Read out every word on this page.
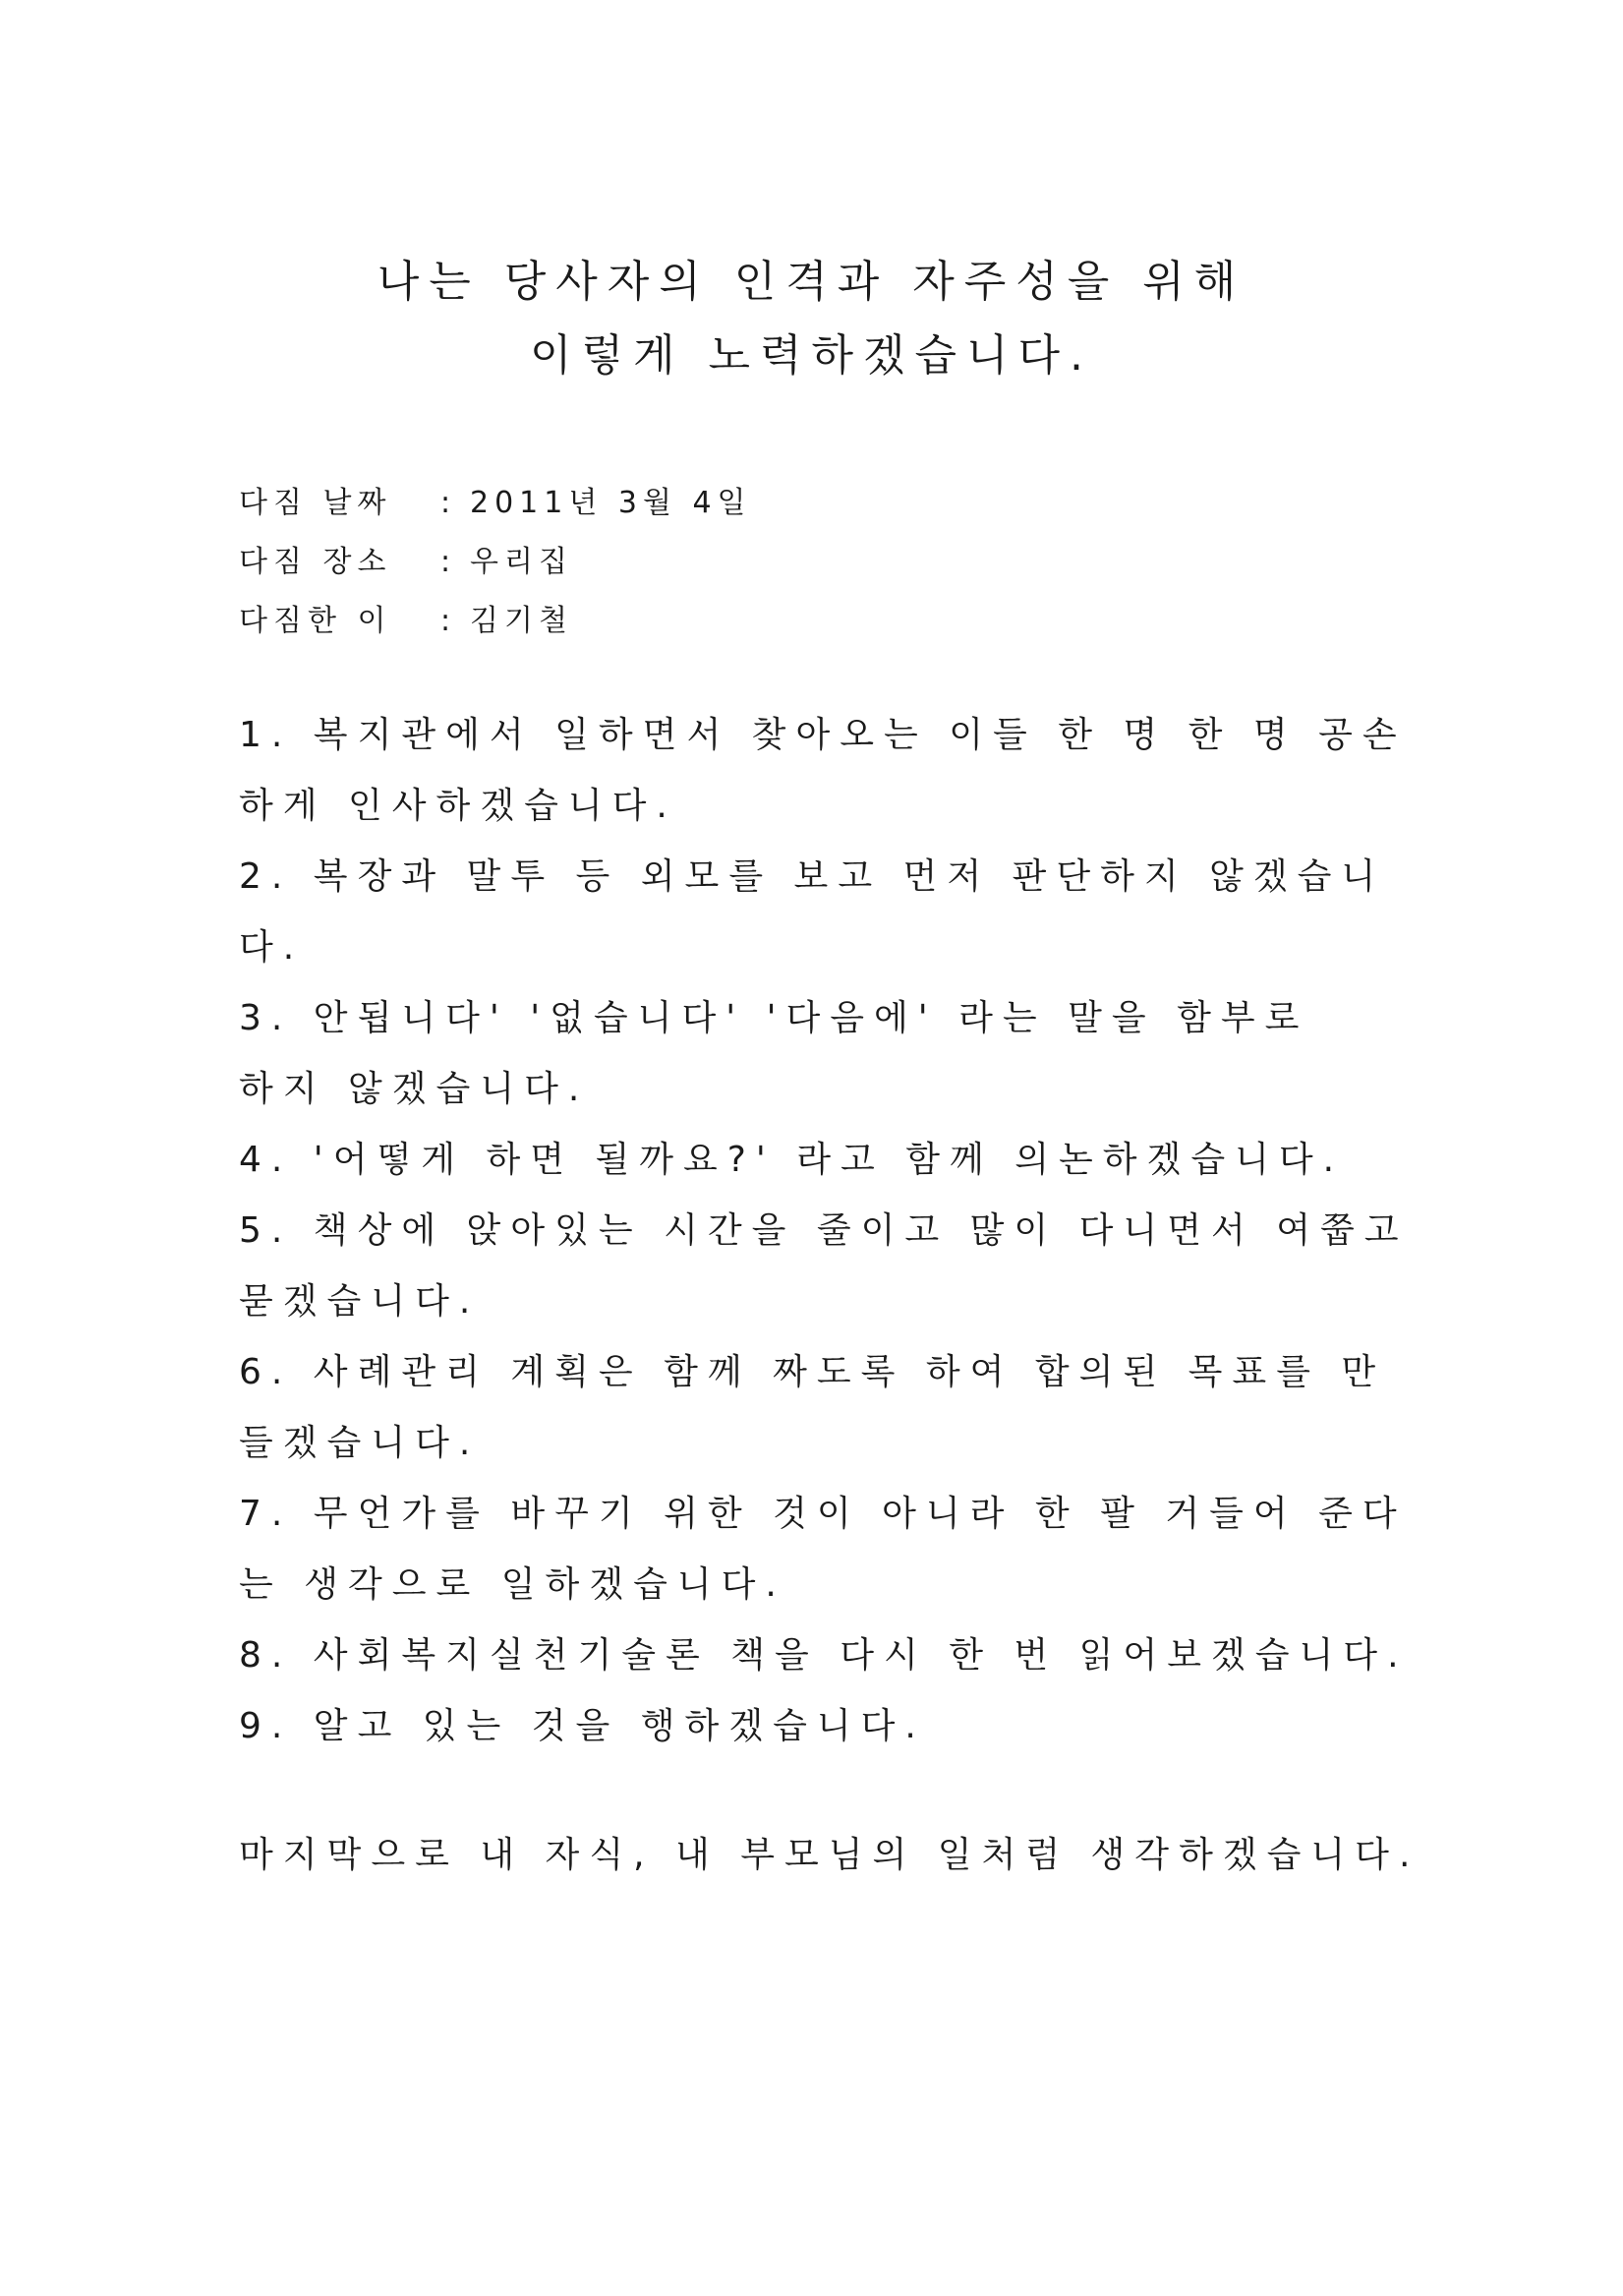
나는 당사자의 인격과 자주성을 위해
이렇게 노력하겠습니다.
다짐 날짜 : 2011년 3월 4일
다짐 장소 : 우리집
다짐한 이 : 김기철
1. 복지관에서 일하면서 찾아오는 이들 한 명 한 명 공손
하게 인사하겠습니다.
2. 복장과 말투 등 외모를 보고 먼저 판단하지 않겠습니
다.
3. 안됩니다' '없습니다' '다음에' 라는 말을 함부로
하지 않겠습니다.
4. '어떻게 하면 될까요?' 라고 함께 의논하겠습니다.
5. 책상에 앉아있는 시간을 줄이고 많이 다니면서 여쭙고
묻겠습니다.
6. 사례관리 계획은 함께 짜도록 하여 합의된 목표를 만
들겠습니다.
7. 무언가를 바꾸기 위한 것이 아니라 한 팔 거들어 준다
는 생각으로 일하겠습니다.
8. 사회복지실천기술론 책을 다시 한 번 읽어보겠습니다.
9. 알고 있는 것을 행하겠습니다.
마지막으로 내 자식, 내 부모님의 일처럼 생각하겠습니다.
